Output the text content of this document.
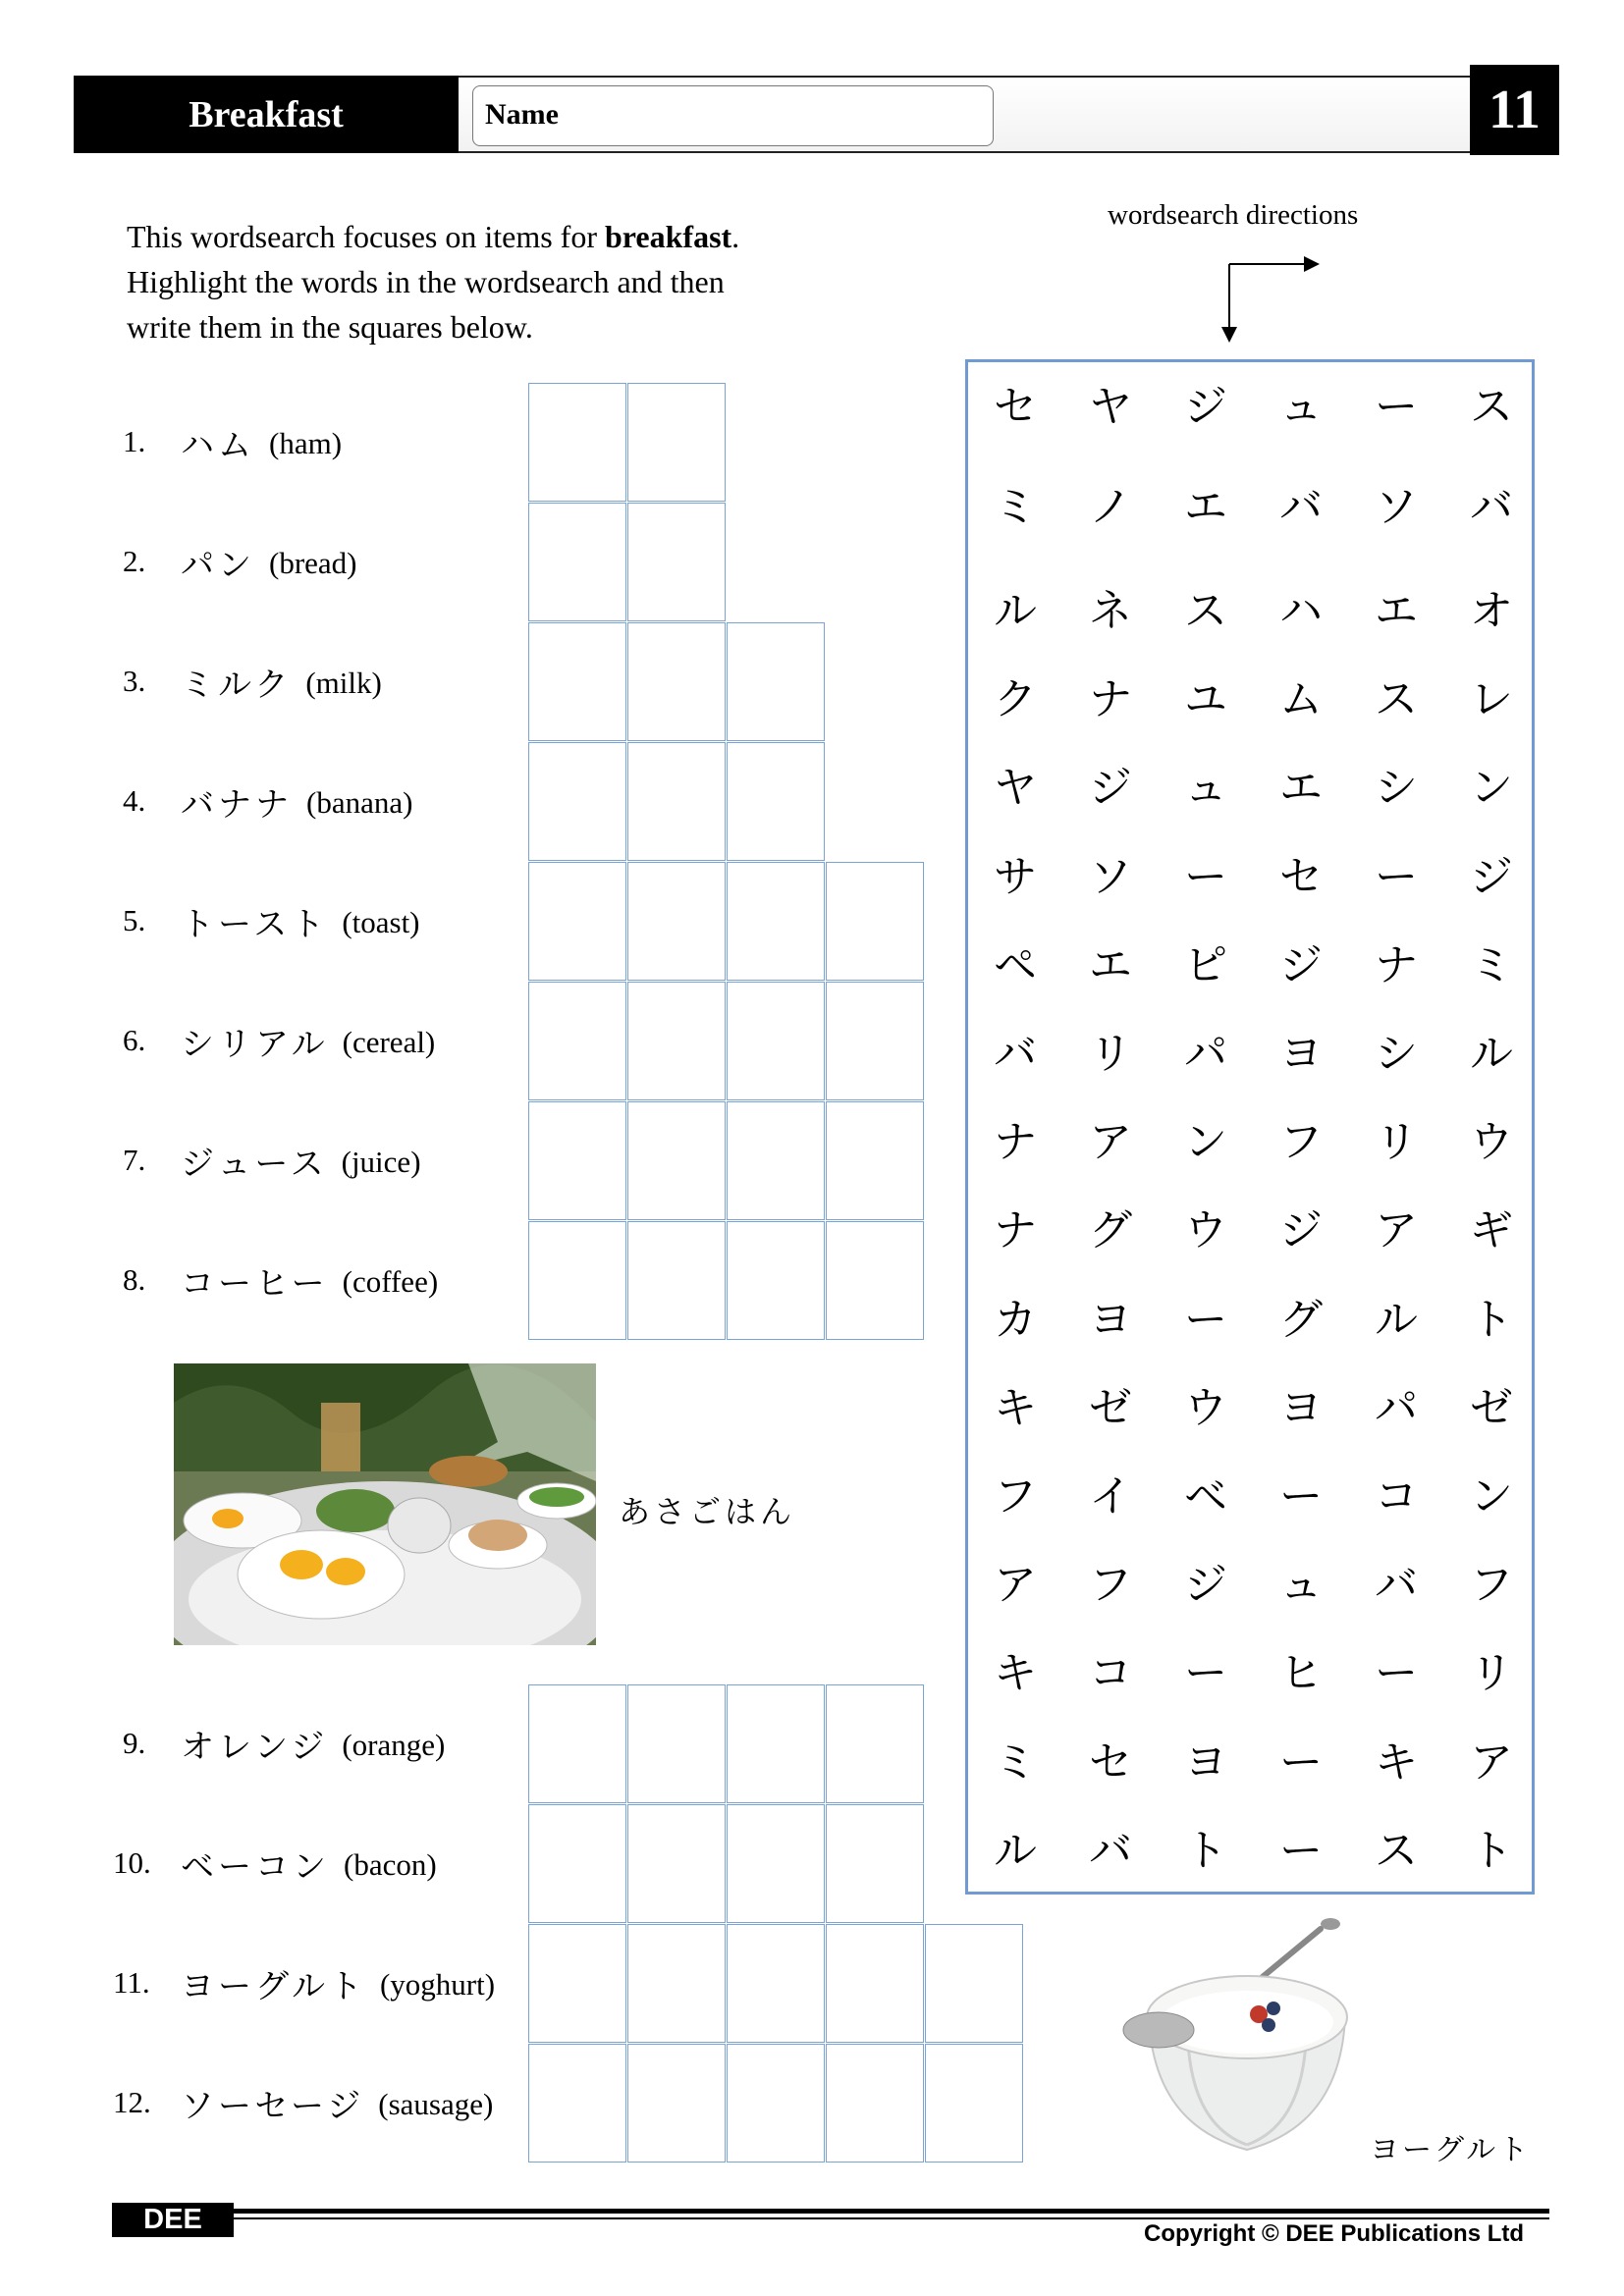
Breakfast	Name	11
This wordsearch focuses on items for breakfast.
Highlight the words in the wordsearch and then
write them in the squares below.
wordsearch directions
1. ハム (ham)
2. パン (bread)
3. ミルク (milk)
4. バナナ (banana)
5. トースト (toast)
6. シリアル (cereal)
7. ジュース (juice)
8. コーヒー (coffee)
9. オレンジ (orange)
10. ベーコン (bacon)
11. ヨーグルト (yoghurt)
12. ソーセージ (sausage)
あさごはん
セ	ヤ	ジ	ュ	ー	ス
ミ	ノ	エ	バ	ソ	バ
ル	ネ	ス	ハ	エ	オ
ク	ナ	ユ	ム	ス	レ
ヤ	ジ	ュ	エ	シ	ン
サ	ソ	ー	セ	ー	ジ
ペ	エ	ピ	ジ	ナ	ミ
バ	リ	パ	ヨ	シ	ル
ナ	ア	ン	フ	リ	ウ
ナ	グ	ウ	ジ	ア	ギ
カ	ヨ	ー	グ	ル	ト
キ	ゼ	ウ	ヨ	パ	ゼ
フ	イ	ベ	ー	コ	ン
ア	フ	ジ	ュ	バ	フ
キ	コ	ー	ヒ	ー	リ
ミ	セ	ヨ	ー	キ	ア
ル	バ	ト	ー	ス	ト
ヨーグルト
DEE	Copyright © DEE Publications Ltd
